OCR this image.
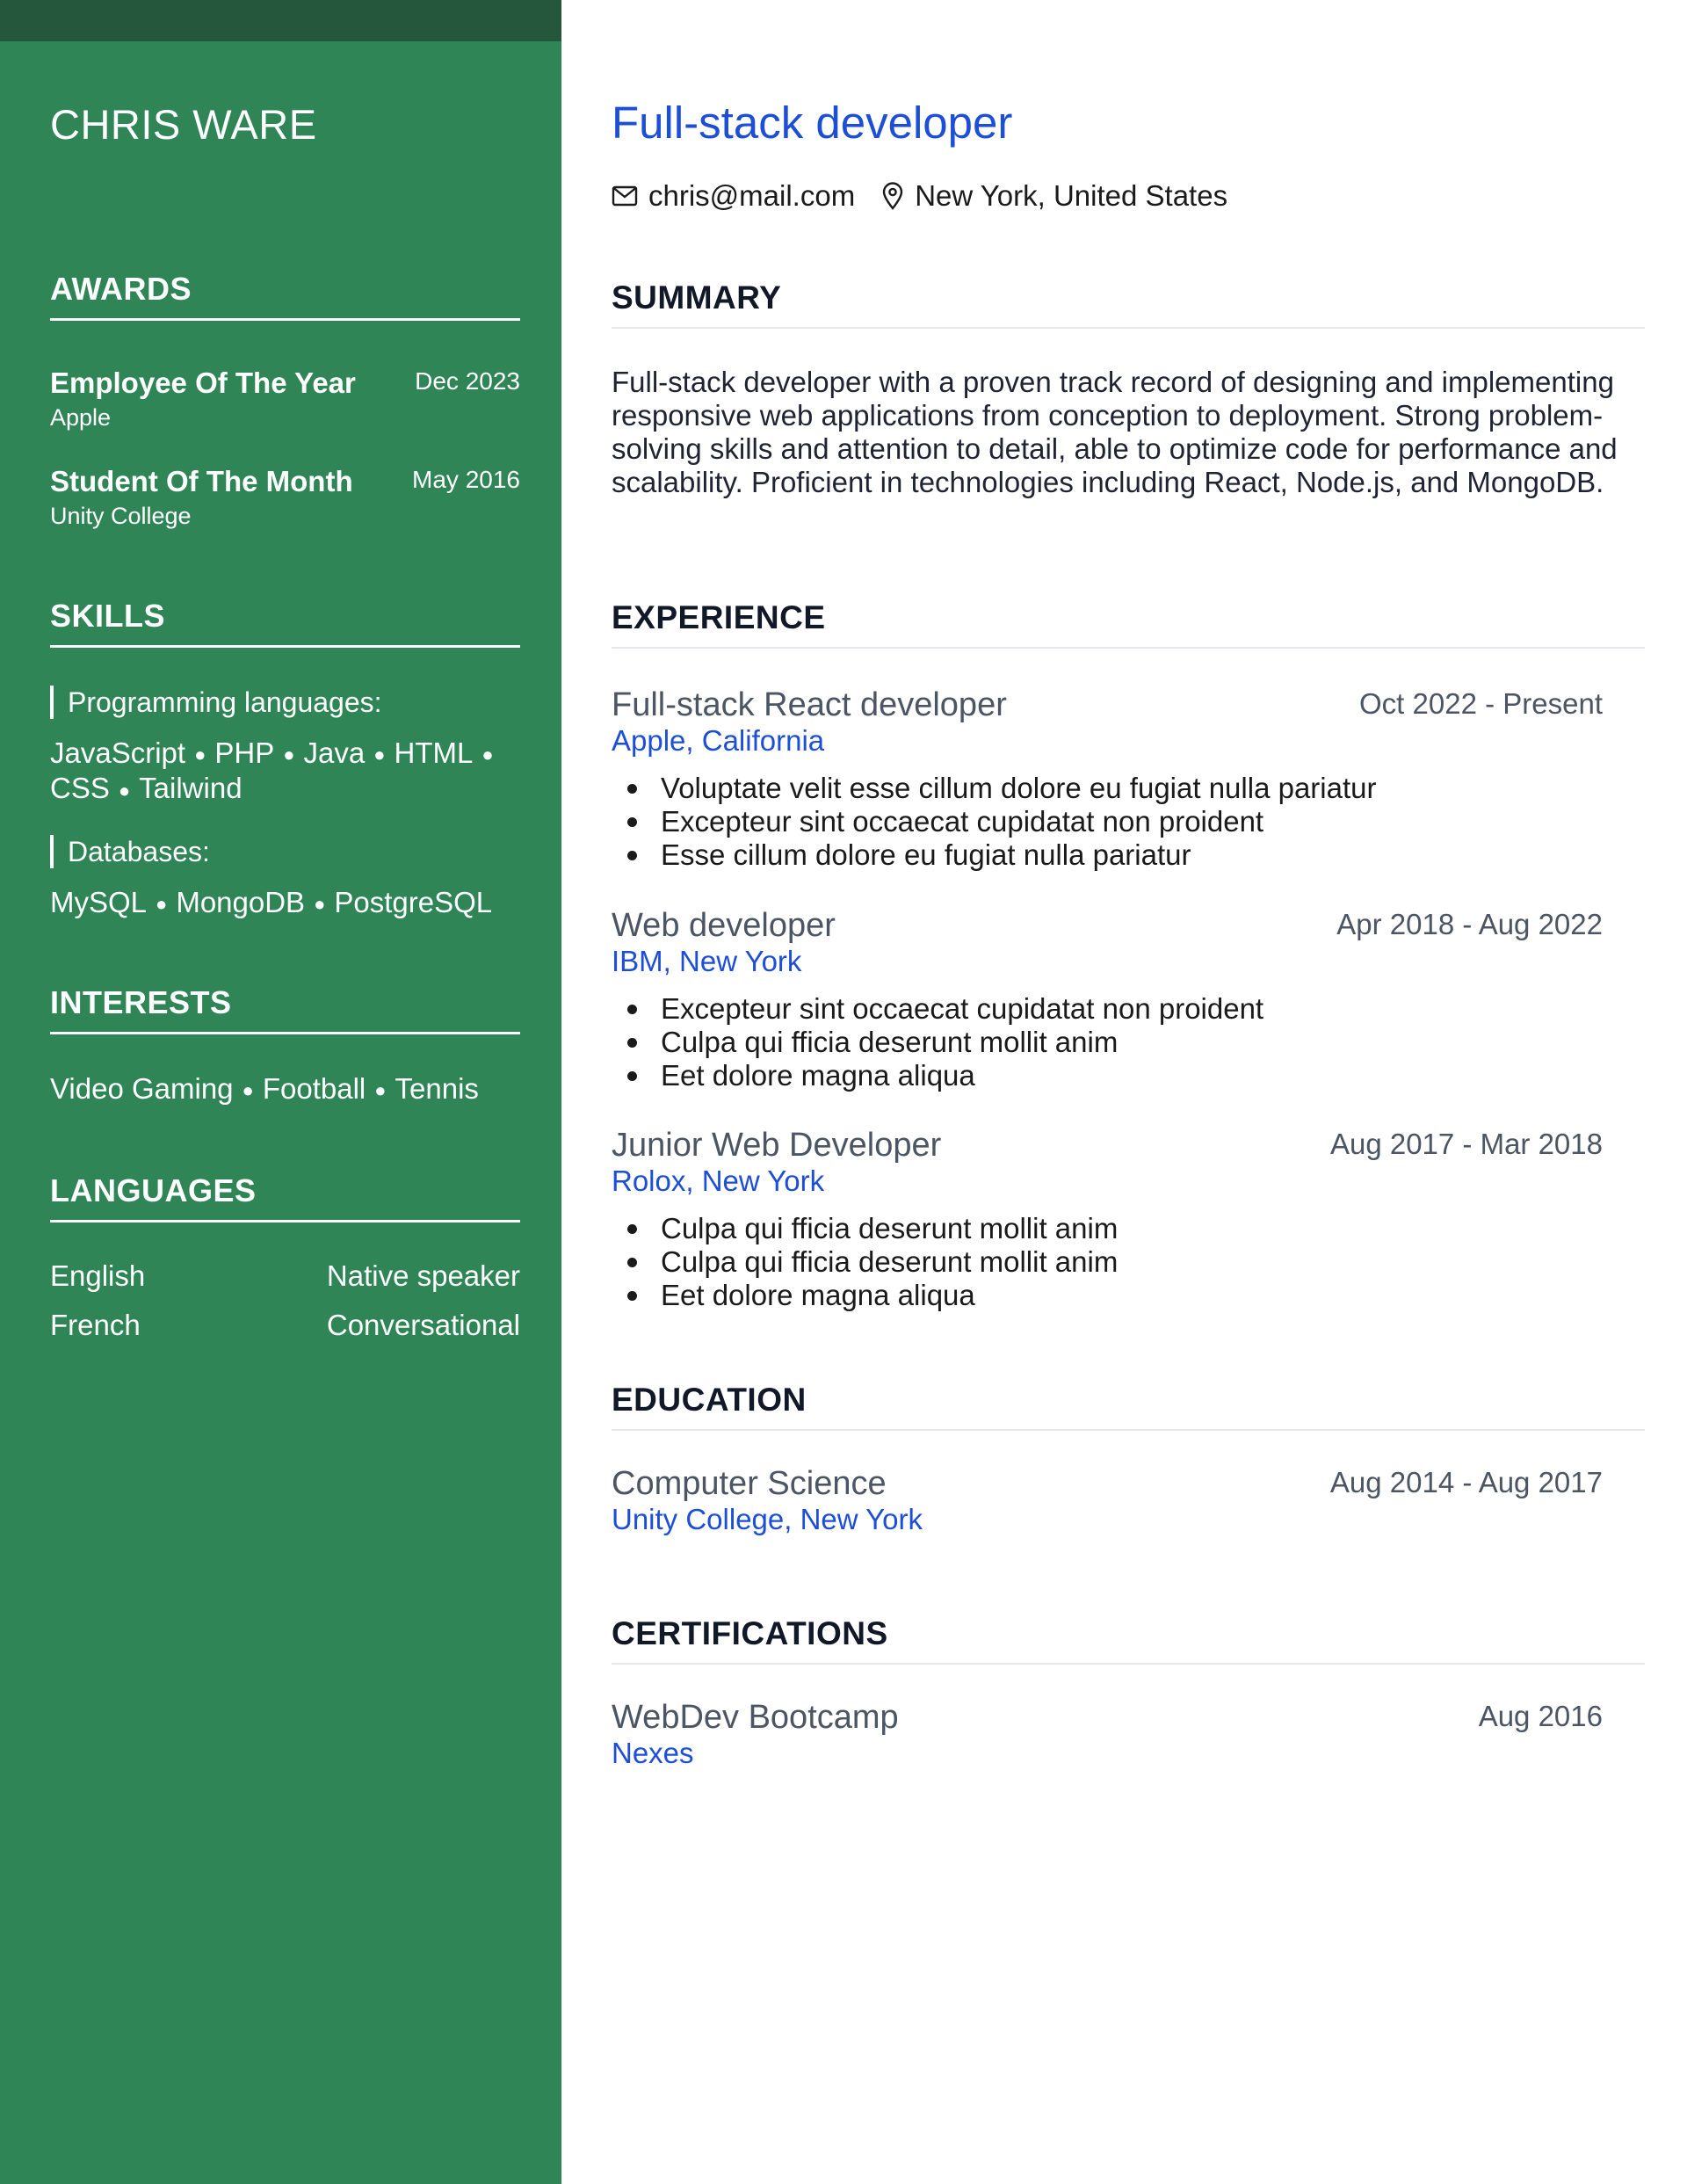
CHRIS WARE
AWARDS
Employee Of The Year
Apple
Dec 2023
Student Of The Month
Unity College
May 2016
SKILLS
Programming languages:
JavaScript ● PHP ● Java ● HTML ●
CSS ● Tailwind
Databases:
MySQL ● MongoDB ● PostgreSQL
INTERESTS
Video Gaming ● Football ● Tennis
LANGUAGES
English	Native speaker
French	Conversational
Full-stack developer
chris@mail.com New York, United States
SUMMARY
Full-stack developer with a proven track record of designing and implementing responsive web applications from conception to deployment. Strong problem-solving skills and attention to detail, able to optimize code for performance and scalability. Proficient in technologies including React, Node.js, and MongoDB.
EXPERIENCE
Full-stack React developer
Apple, California
Oct 2022 - Present
Voluptate velit esse cillum dolore eu fugiat nulla pariatur
Excepteur sint occaecat cupidatat non proident
Esse cillum dolore eu fugiat nulla pariatur
Web developer
IBM, New York
Apr 2018 - Aug 2022
Excepteur sint occaecat cupidatat non proident
Culpa qui fficia deserunt mollit anim
Eet dolore magna aliqua
Junior Web Developer
Rolox, New York
Aug 2017 - Mar 2018
Culpa qui fficia deserunt mollit anim
Culpa qui fficia deserunt mollit anim
Eet dolore magna aliqua
EDUCATION
Computer Science
Unity College, New York
Aug 2014 - Aug 2017
CERTIFICATIONS
WebDev Bootcamp
Nexes
Aug 2016
